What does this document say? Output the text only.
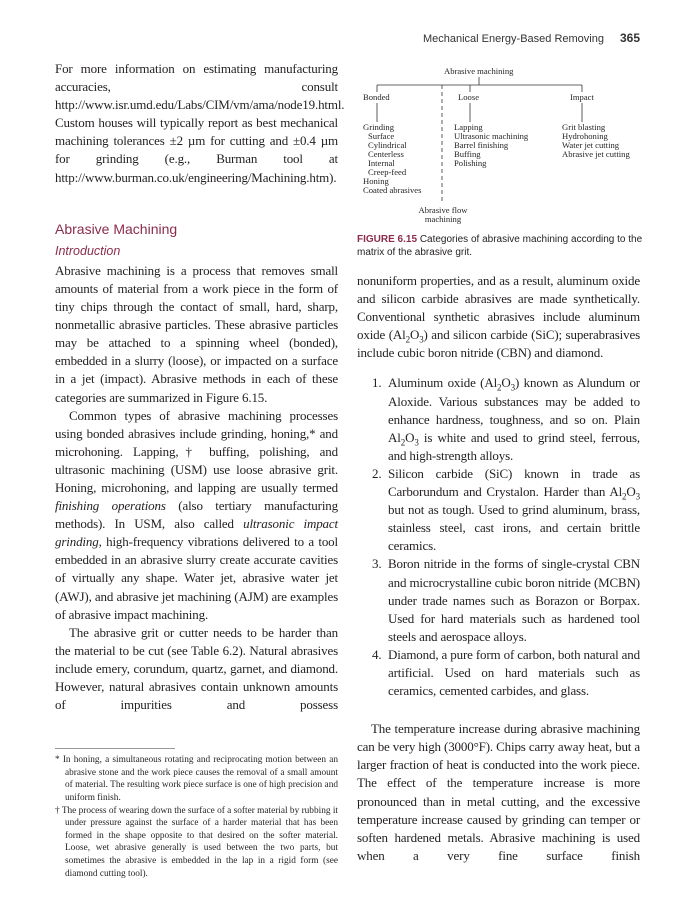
Mechanical Energy-Based Removing 365

For more information on estimating manufacturing accuracies, consult http://www.isr.umd.edu/Labs/CIM/vm/ama/node19.html. Custom houses will typically report as best mechanical machining tolerances ±2 µm for cutting and ±0.4 µm for grinding (e.g., Burman tool at http://www.burman.co.uk/engineering/Machining.htm).

Abrasive Machining

Introduction

Abrasive machining is a process that removes small amounts of material from a work piece in the form of tiny chips through the contact of small, hard, sharp, nonmetallic abrasive particles. These abrasive particles may be attached to a spinning wheel (bonded), embedded in a slurry (loose), or impacted on a surface in a jet (impact). Abrasive methods in each of these categories are summarized in Figure 6.15.

Common types of abrasive machining processes using bonded abrasives include grinding, honing,* and microhoning. Lapping,† buffing, polishing, and ultrasonic machining (USM) use loose abrasive grit. Honing, microhoning, and lapping are usually termed finishing operations (also tertiary manufacturing methods). In USM, also called ultrasonic impact grinding, high-frequency vibrations delivered to a tool embedded in an abrasive slurry create accurate cavities of virtually any shape. Water jet, abrasive water jet (AWJ), and abrasive jet machining (AJM) are examples of abrasive impact machining.

The abrasive grit or cutter needs to be harder than the material to be cut (see Table 6.2). Natural abrasives include emery, corundum, quartz, garnet, and diamond. However, natural abrasives contain unknown amounts of impurities and possess

* In honing, a simultaneous rotating and reciprocating motion between an abrasive stone and the work piece causes the removal of a small amount of material. The resulting work piece surface is one of high precision and uniform finish.

† The process of wearing down the surface of a softer material by rubbing it under pressure against the surface of a harder material that has been formed in the shape opposite to that desired on the softer material. Loose, wet abrasive generally is used between the two parts, but sometimes the abrasive is embedded in the lap in a rigid form (see diamond cutting tool).

Abrasive machining
Bonded	Loose	Impact
Grinding
Surface
Cylindrical
Centerless
Internal
Creep-feed
Honing
Coated abrasives
Lapping
Ultrasonic machining
Barrel finishing
Buffing
Polishing
Grit blasting
Hydrohoning
Water jet cutting
Abrasive jet cutting
Abrasive flow
machining
FIGURE 6.15 Categories of abrasive machining according to the matrix of the abrasive grit.

nonuniform properties, and as a result, aluminum oxide and silicon carbide abrasives are made synthetically. Conventional synthetic abrasives include aluminum oxide $(Al_2O_3)$ and silicon carbide (SiC); superabrasives include cubic boron nitride (CBN) and diamond.

1. Aluminum oxide $(Al_2O_3)$ known as Alundum or Aloxide. Various substances may be added to enhance hardness, toughness, and so on. Plain $Al_2O_3$ is white and used to grind steel, ferrous, and high-strength alloys.
2. Silicon carbide (SiC) known in trade as Carborundum and Crystalon. Harder than $Al_2O_3$ but not as tough. Used to grind aluminum, brass, stainless steel, cast irons, and certain brittle ceramics.
3. Boron nitride in the forms of single-crystal CBN and microcrystalline cubic boron nitride (MCBN) under trade names such as Borazon or Borpax. Used for hard materials such as hardened tool steels and aerospace alloys.
4. Diamond, a pure form of carbon, both natural and artificial. Used on hard materials such as ceramics, cemented carbides, and glass.

The temperature increase during abrasive machining can be very high (3000°F). Chips carry away heat, but a larger fraction of heat is conducted into the work piece. The effect of the temperature increase is more pronounced than in metal cutting, and the excessive temperature increase caused by grinding can temper or soften hardened metals. Abrasive machining is used when a very fine surface finish
